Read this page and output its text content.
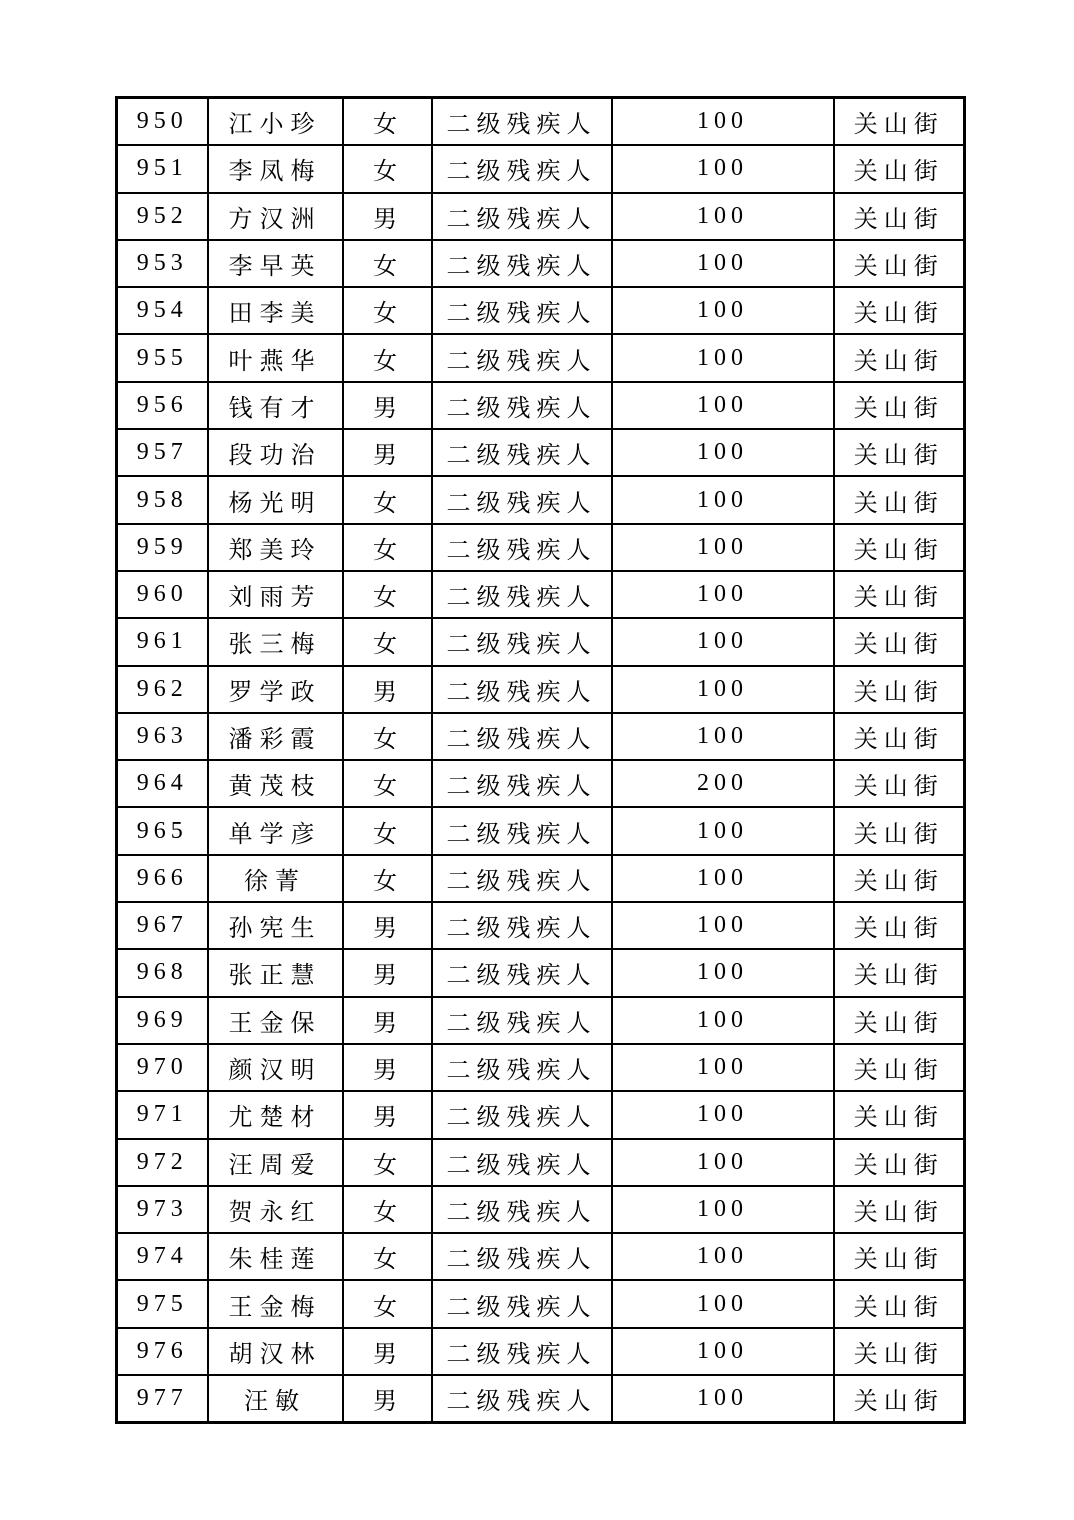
950	江小珍	女	二级残疾人	100	关山街
951	李凤梅	女	二级残疾人	100	关山街
952	方汉洲	男	二级残疾人	100	关山街
953	李早英	女	二级残疾人	100	关山街
954	田李美	女	二级残疾人	100	关山街
955	叶燕华	女	二级残疾人	100	关山街
956	钱有才	男	二级残疾人	100	关山街
957	段功治	男	二级残疾人	100	关山街
958	杨光明	女	二级残疾人	100	关山街
959	郑美玲	女	二级残疾人	100	关山街
960	刘雨芳	女	二级残疾人	100	关山街
961	张三梅	女	二级残疾人	100	关山街
962	罗学政	男	二级残疾人	100	关山街
963	潘彩霞	女	二级残疾人	100	关山街
964	黄茂枝	女	二级残疾人	200	关山街
965	单学彦	女	二级残疾人	100	关山街
966	徐菁	女	二级残疾人	100	关山街
967	孙宪生	男	二级残疾人	100	关山街
968	张正慧	男	二级残疾人	100	关山街
969	王金保	男	二级残疾人	100	关山街
970	颜汉明	男	二级残疾人	100	关山街
971	尤楚材	男	二级残疾人	100	关山街
972	汪周爱	女	二级残疾人	100	关山街
973	贺永红	女	二级残疾人	100	关山街
974	朱桂莲	女	二级残疾人	100	关山街
975	王金梅	女	二级残疾人	100	关山街
976	胡汉林	男	二级残疾人	100	关山街
977	汪敏	男	二级残疾人	100	关山街
